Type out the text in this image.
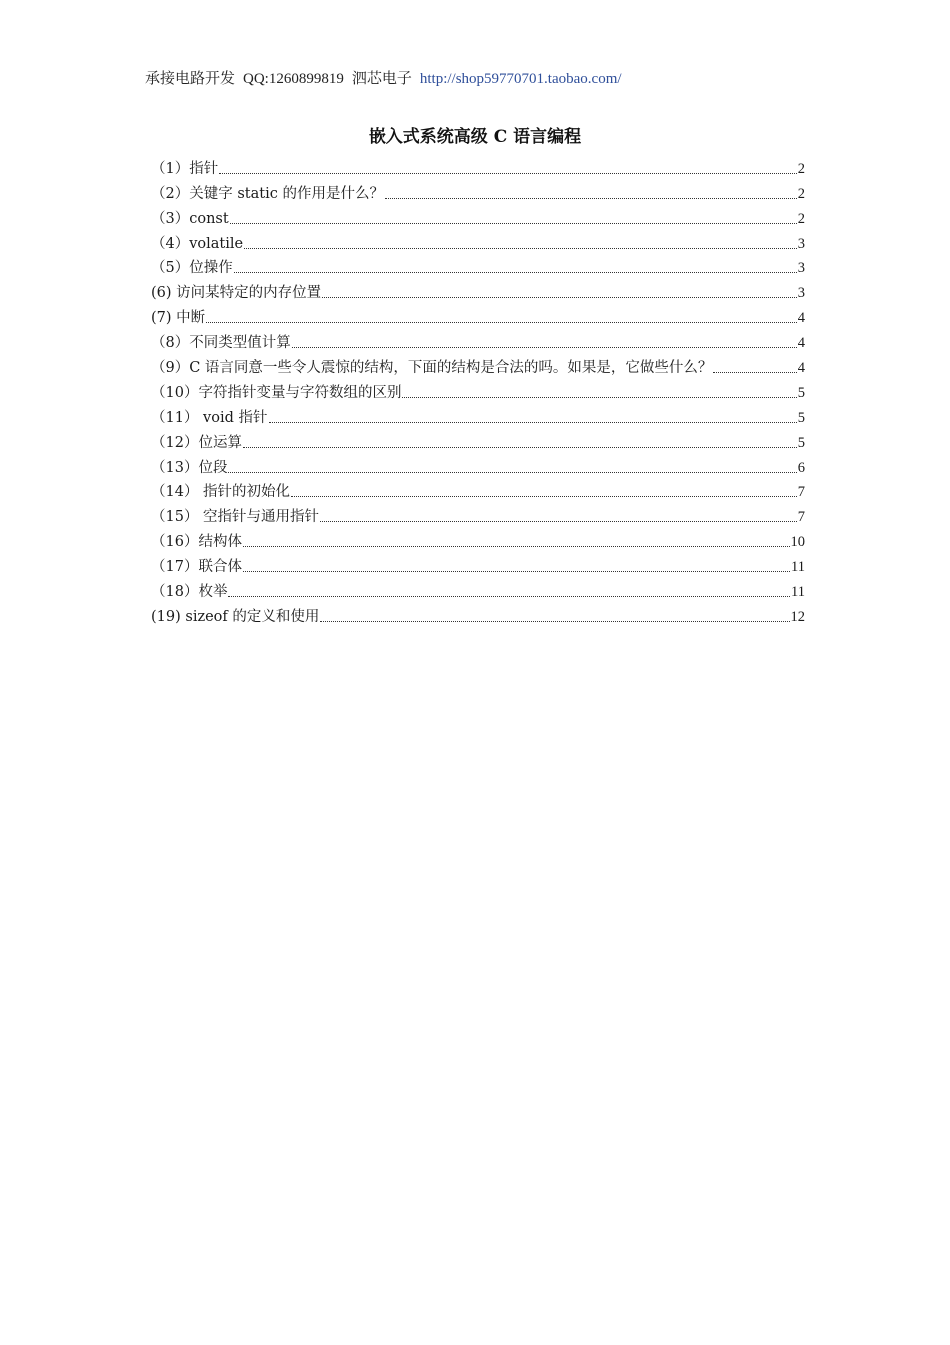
承接电路开发 QQ:1260899819 泗芯电子 http://shop59770701.taobao.com/
嵌入式系统高级 C 语言编程
（1）指针	2
（2）关键字 static 的作用是什么？	2
（3）const	2
（4）volatile	3
（5）位操作	3
(6) 访问某特定的内存位置	3
(7) 中断	4
（8）不同类型值计算	4
（9）C 语言同意一些令人震惊的结构，下面的结构是合法的吗。如果是，它做些什么？	4
（10）字符指针变量与字符数组的区别	5
（11） void 指针	5
（12）位运算	5
（13）位段	6
（14） 指针的初始化	7
（15） 空指针与通用指针	7
（16）结构体	10
（17）联合体	11
（18）枚举	11
(19) sizeof 的定义和使用	12
